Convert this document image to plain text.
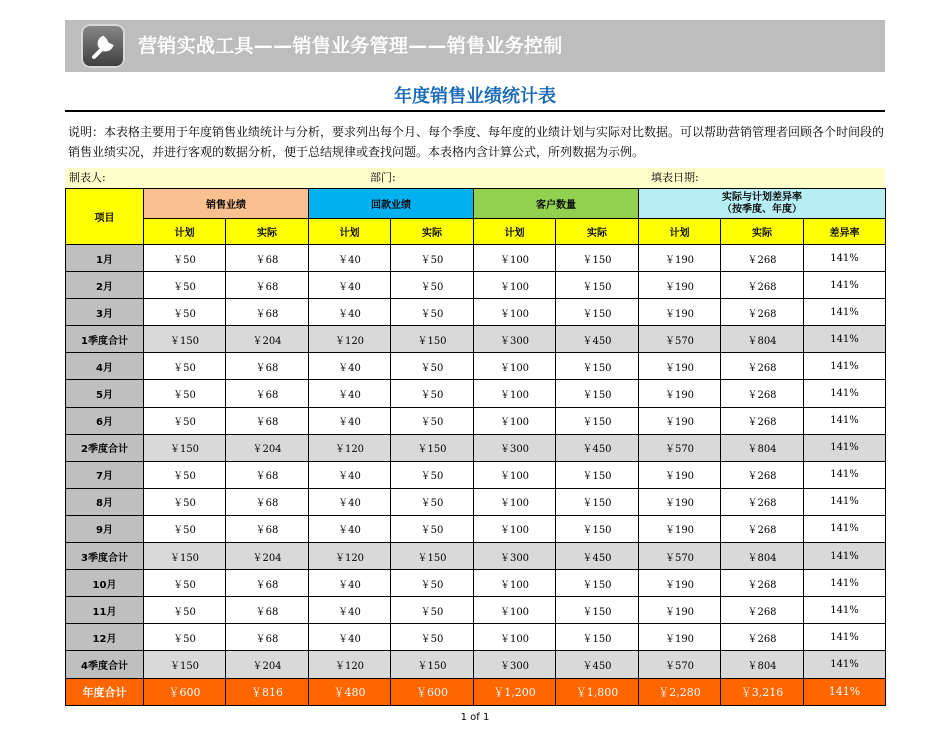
营销实战工具——销售业务管理——销售业务控制
年度销售业绩统计表
说明：本表格主要用于年度销售业绩统计与分析，要求列出每个月、每个季度、每年度的业绩计划与实际对比数据。可以帮助营销管理者回顾各个时间段的销售业绩实况，并进行客观的数据分析，便于总结规律或查找问题。本表格内含计算公式，所列数据为示例。
制表人:	部门:	填表日期:
项目	销售业绩		回款业绩		客户数量		实际与计划差异率
（按季度、年度）		

	计划	实际	计划	实际	计划	实际	计划	实际	差异率
1月	￥50	￥68	￥40	￥50	￥100	￥150	￥190	￥268	141%
2月	￥50	￥68	￥40	￥50	￥100	￥150	￥190	￥268	141%
3月	￥50	￥68	￥40	￥50	￥100	￥150	￥190	￥268	141%
1季度合计	￥150	￥204	￥120	￥150	￥300	￥450	￥570	￥804	141%
4月	￥50	￥68	￥40	￥50	￥100	￥150	￥190	￥268	141%
5月	￥50	￥68	￥40	￥50	￥100	￥150	￥190	￥268	141%
6月	￥50	￥68	￥40	￥50	￥100	￥150	￥190	￥268	141%
2季度合计	￥150	￥204	￥120	￥150	￥300	￥450	￥570	￥804	141%
7月	￥50	￥68	￥40	￥50	￥100	￥150	￥190	￥268	141%
8月	￥50	￥68	￥40	￥50	￥100	￥150	￥190	￥268	141%
9月	￥50	￥68	￥40	￥50	￥100	￥150	￥190	￥268	141%
3季度合计	￥150	￥204	￥120	￥150	￥300	￥450	￥570	￥804	141%
10月	￥50	￥68	￥40	￥50	￥100	￥150	￥190	￥268	141%
11月	￥50	￥68	￥40	￥50	￥100	￥150	￥190	￥268	141%
12月	￥50	￥68	￥40	￥50	￥100	￥150	￥190	￥268	141%
4季度合计	￥150	￥204	￥120	￥150	￥300	￥450	￥570	￥804	141%
年度合计	￥600	￥816	￥480	￥600	￥1,200	￥1,800	￥2,280	￥3,216	141%
1 of 1
